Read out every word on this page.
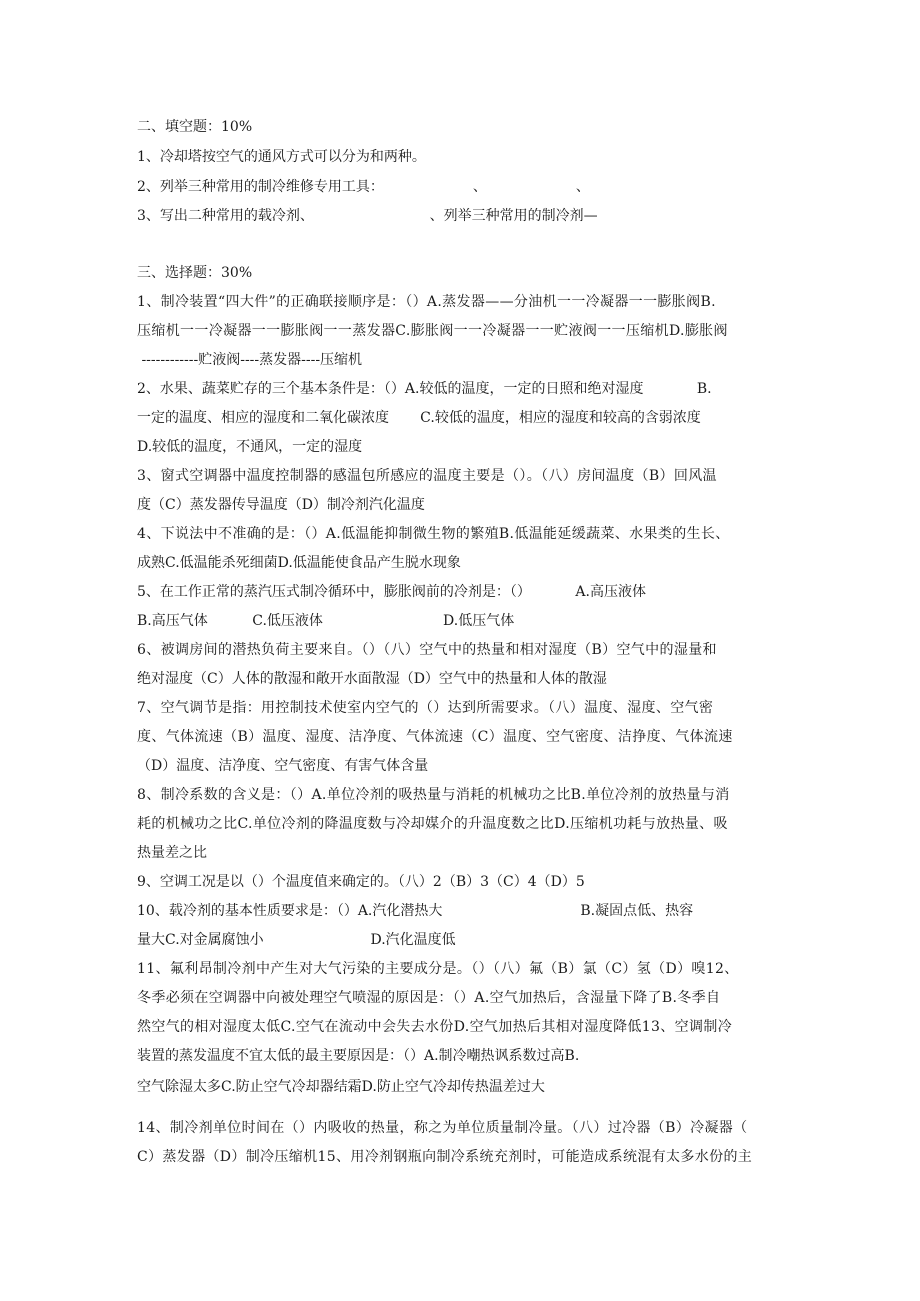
二、填空题：10%
1、冷却塔按空气的通风方式可以分为和两种。
2、列举三种常用的制冷维修专用工具：                    、                    、
3、写出二种常用的载冷剂、                          、列举三种常用的制冷剂—
三、选择题：30%
1、制冷装置“四大件”的正确联接顺序是：（）A.蒸发器——分油机一一冷凝器一一膨胀阀B.
压缩机一一冷凝器一一膨胀阀一一蒸发器C.膨胀阀一一冷凝器一一贮液阀一一压缩机D.膨胀阀
------------贮液阀----蒸发器----压缩机
2、水果、蔬菜贮存的三个基本条件是：（）A.较低的温度，一定的日照和绝对湿度            B.
一定的温度、相应的湿度和二氧化碳浓度       C.较低的温度，相应的湿度和较高的含弱浓度
D.较低的温度，不通风，一定的湿度
3、窗式空调器中温度控制器的感温包所感应的温度主要是（）。（八）房间温度（B）回风温
度（C）蒸发器传导温度（D）制冷剂汽化温度
4、下说法中不准确的是：（）A.低温能抑制微生物的繁殖B.低温能延缓蔬菜、水果类的生长、
成熟C.低温能杀死细菌D.低温能使食品产生脱水现象
5、在工作正常的蒸汽压式制冷循环中，膨胀阀前的冷剂是：（）          A.高压液体
B.高压气体          C.低压液体                           D.低压气体
6、被调房间的潜热负荷主要来自。（）（八）空气中的热量和相对湿度（B）空气中的湿量和
绝对湿度（C）人体的散湿和敞开水面散湿（D）空气中的热量和人体的散湿
7、空气调节是指：用控制技术使室内空气的（）达到所需要求。（八）温度、湿度、空气密
度、气体流速（B）温度、湿度、洁净度、气体流速（C）温度、空气密度、洁挣度、气体流速
（D）温度、洁净度、空气密度、有害气体含量
8、制冷系数的含义是：（）A.单位冷剂的吸热量与消耗的机械功之比B.单位冷剂的放热量与消
耗的机械功之比C.单位冷剂的降温度数与冷却媒介的升温度数之比D.压缩机功耗与放热量、吸
热量差之比
9、空调工况是以（）个温度值来确定的。（八）2（B）3（C）4（D）5
10、载冷剂的基本性质要求是：（）A.汽化潜热大                               B.凝固点低、热容
量大C.对金属腐蚀小                        D.汽化温度低
11、氟利昂制冷剂中产生对大气污染的主要成分是。（）（八）氟（B）氯（C）氢（D）嗅12、
冬季必须在空调器中向被处理空气喷湿的原因是：（）A.空气加热后，含湿量下降了B.冬季自
然空气的相对湿度太低C.空气在流动中会失去水份D.空气加热后其相对湿度降低13、空调制冷
装置的蒸发温度不宜太低的最主要原因是：（）A.制冷嘲热讽系数过高B.
空气除湿太多C.防止空气冷却器结霜D.防止空气冷却传热温差过大
14、制冷剂单位时间在（）内吸收的热量，称之为单位质量制冷量。（八）过冷器（B）冷凝器（
C）蒸发器（D）制冷压缩机15、用冷剂钢瓶向制冷系统充剂时，可能造成系统混有太多水份的主
